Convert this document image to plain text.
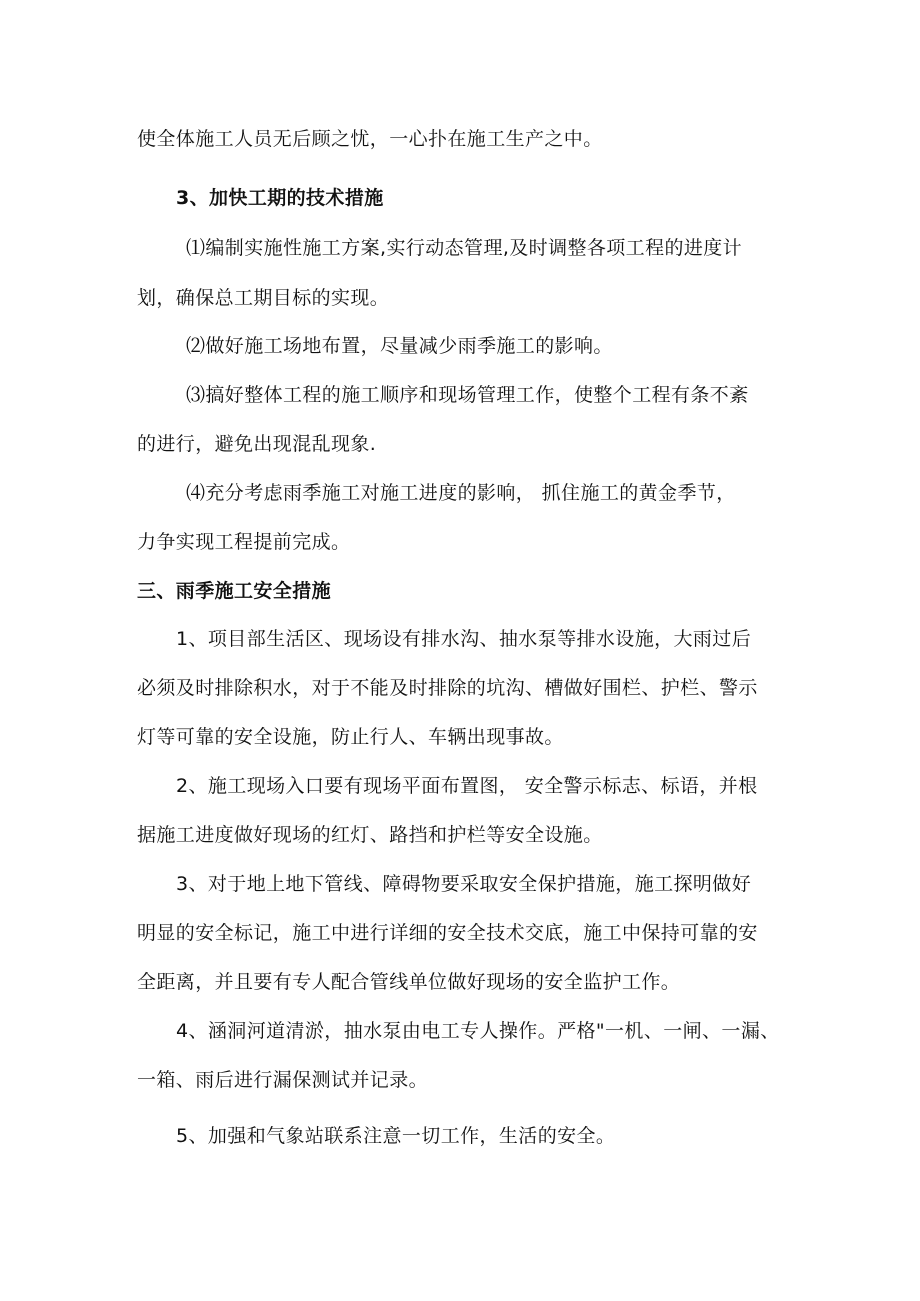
使全体施工人员无后顾之忧，一心扑在施工生产之中。
3、加快工期的技术措施
⑴编制实施性施工方案,实行动态管理,及时调整各项工程的进度计
划，确保总工期目标的实现。
⑵做好施工场地布置，尽量减少雨季施工的影响。
⑶搞好整体工程的施工顺序和现场管理工作，使整个工程有条不紊
的进行，避免出现混乱现象.
⑷充分考虑雨季施工对施工进度的影响， 抓住施工的黄金季节，
力争实现工程提前完成。
三、雨季施工安全措施
1、项目部生活区、现场设有排水沟、抽水泵等排水设施，大雨过后
必须及时排除积水，对于不能及时排除的坑沟、槽做好围栏、护栏、警示
灯等可靠的安全设施，防止行人、车辆出现事故。
2、施工现场入口要有现场平面布置图， 安全警示标志、标语，并根
据施工进度做好现场的红灯、路挡和护栏等安全设施。
3、对于地上地下管线、障碍物要采取安全保护措施，施工探明做好
明显的安全标记，施工中进行详细的安全技术交底，施工中保持可靠的安
全距离，并且要有专人配合管线单位做好现场的安全监护工作。
4、涵洞河道清淤，抽水泵由电工专人操作。严格"一机、一闸、一漏、
一箱、雨后进行漏保测试并记录。
5、加强和气象站联系注意一切工作，生活的安全。
